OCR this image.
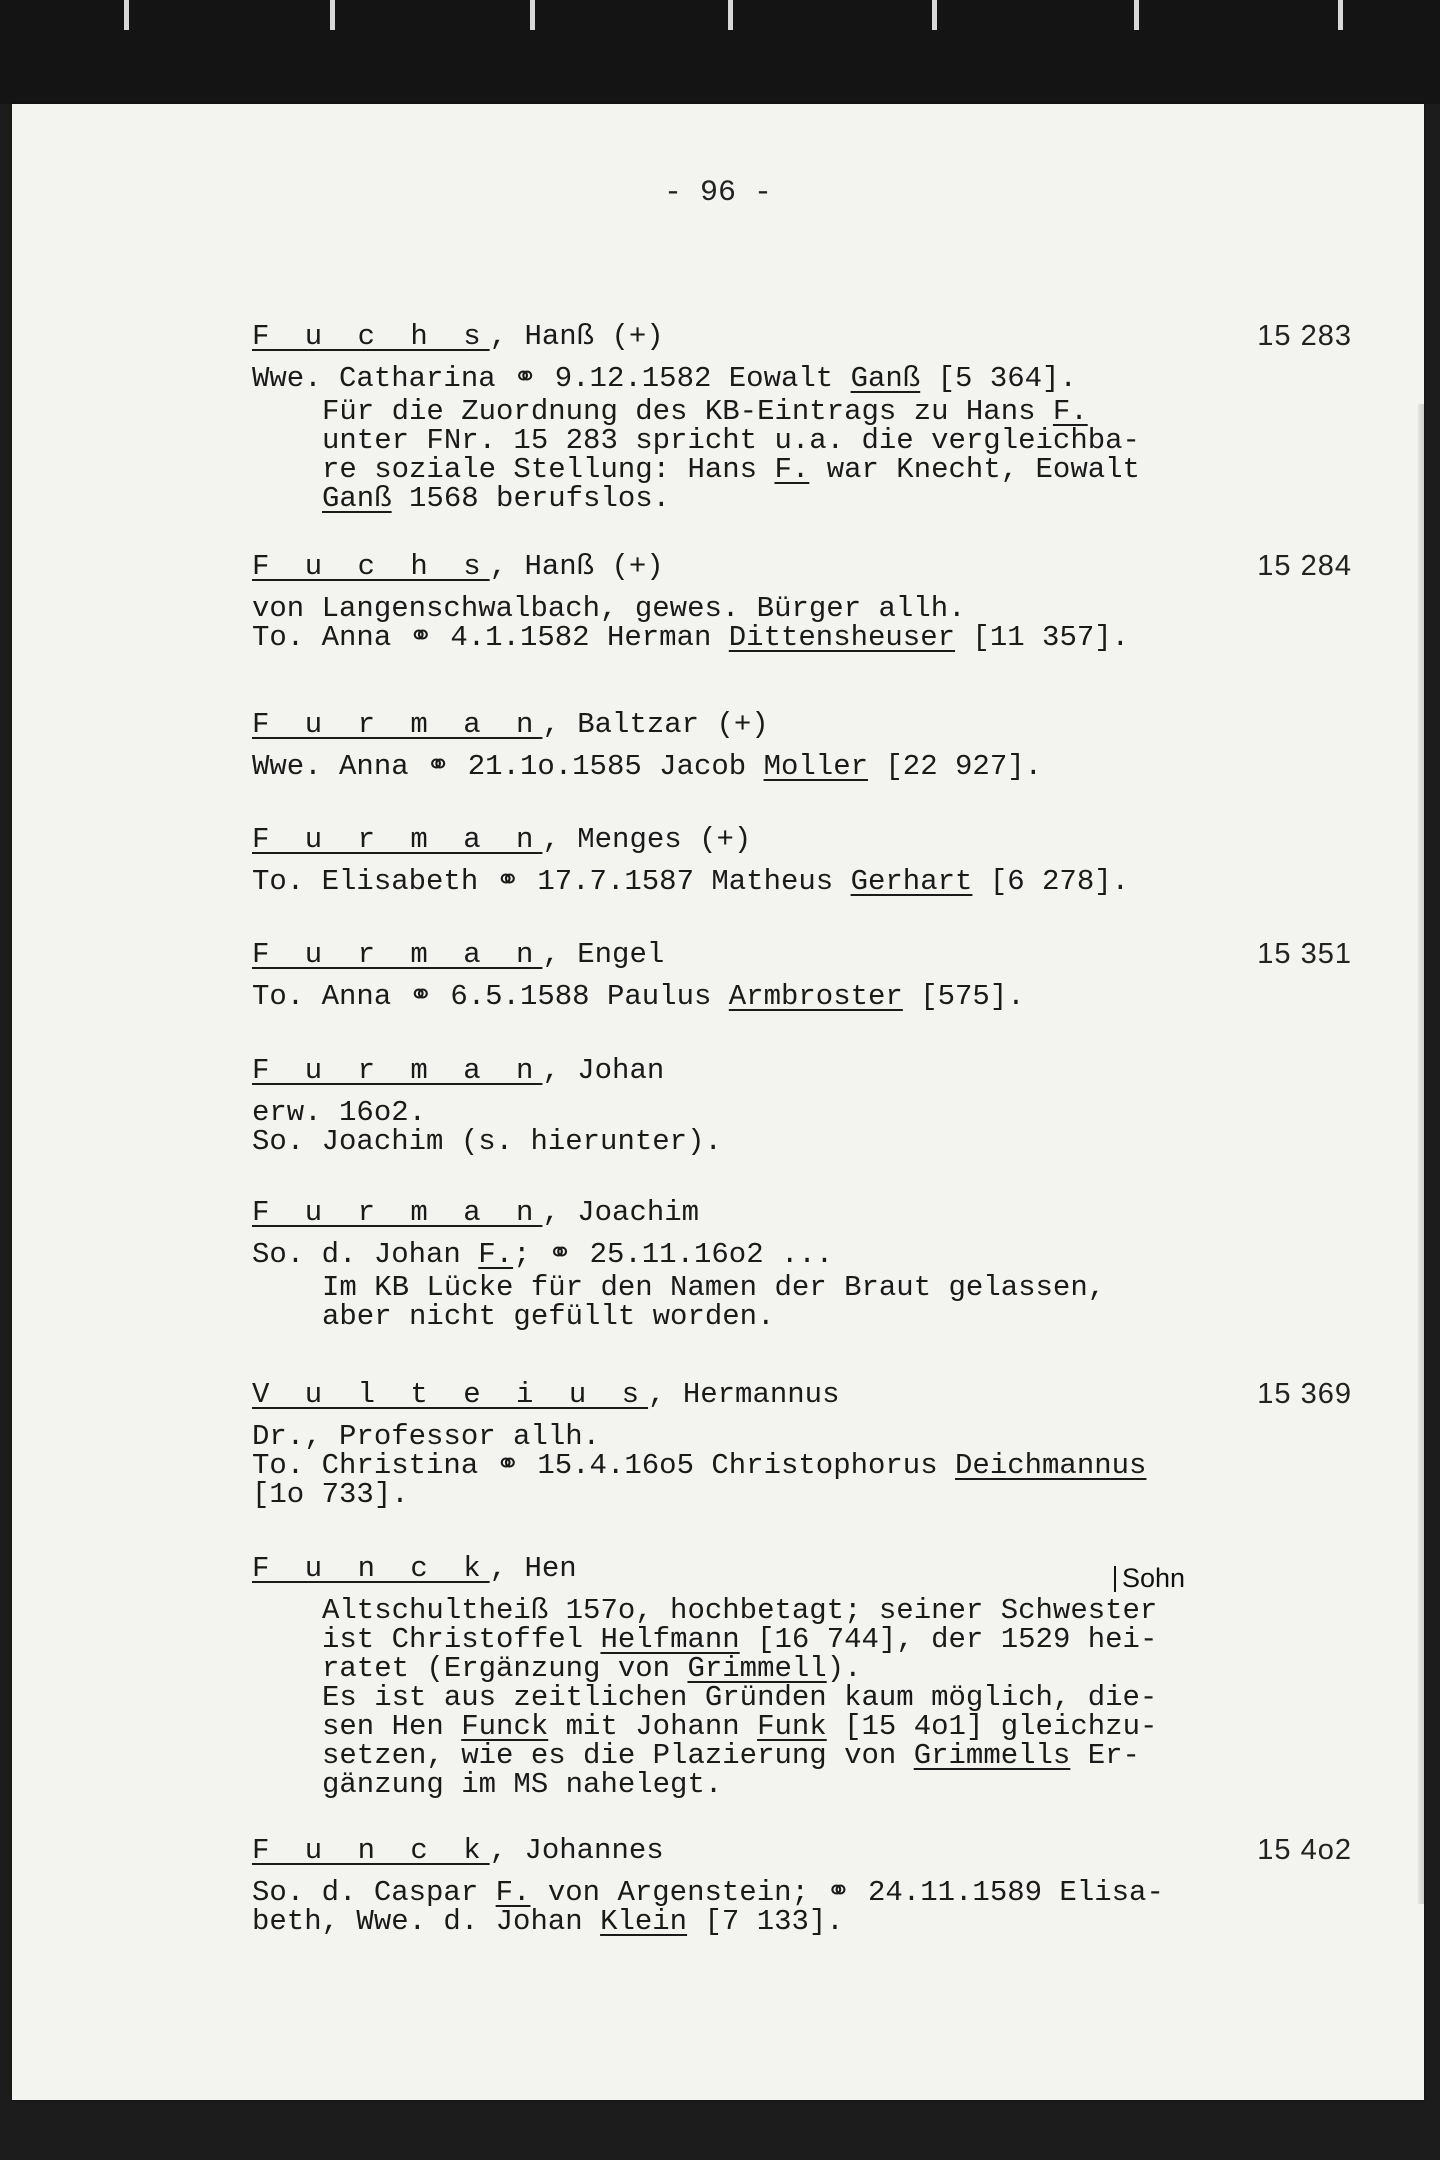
- 96 -
F u c h s, Hanß (+)	15 283
Wwe. Catharina ⚭ 9.12.1582 Eowalt Ganß [5 364].
Für die Zuordnung des KB-Eintrags zu Hans F.
unter FNr. 15 283 spricht u.a. die vergleichba-
re soziale Stellung: Hans F. war Knecht, Eowalt
Ganß 1568 berufslos.
F u c h s, Hanß (+)	15 284
von Langenschwalbach, gewes. Bürger allh.
To. Anna ⚭ 4.1.1582 Herman Dittensheuser [11 357].
F u r m a n, Baltzar (+)
Wwe. Anna ⚭ 21.1o.1585 Jacob Moller [22 927].
F u r m a n, Menges (+)
To. Elisabeth ⚭ 17.7.1587 Matheus Gerhart [6 278].
F u r m a n, Engel	15 351
To. Anna ⚭ 6.5.1588 Paulus Armbroster [575].
F u r m a n, Johan
erw. 16o2.
So. Joachim (s. hierunter).
F u r m a n, Joachim
So. d. Johan F.; ⚭ 25.11.16o2 ...
Im KB Lücke für den Namen der Braut gelassen,
aber nicht gefüllt worden.
V u l t e i u s, Hermannus	15 369
Dr., Professor allh.
To. Christina ⚭ 15.4.16o5 Christophorus Deichmannus
[1o 733].
F u n c k, Hen
Altschultheiß 157o, hochbetagt; seiner Schwester
ist Christoffel Helfmann [16 744], der 1529 hei-
ratet (Ergänzung von Grimmell).
Es ist aus zeitlichen Gründen kaum möglich, die-
sen Hen Funck mit Johann Funk [15 4o1] gleichzu-
setzen, wie es die Plazierung von Grimmells Er-
gänzung im MS nahelegt.
Sohn
F u n c k, Johannes	15 4o2
So. d. Caspar F. von Argenstein; ⚭ 24.11.1589 Elisa-
beth, Wwe. d. Johan Klein [7 133].
